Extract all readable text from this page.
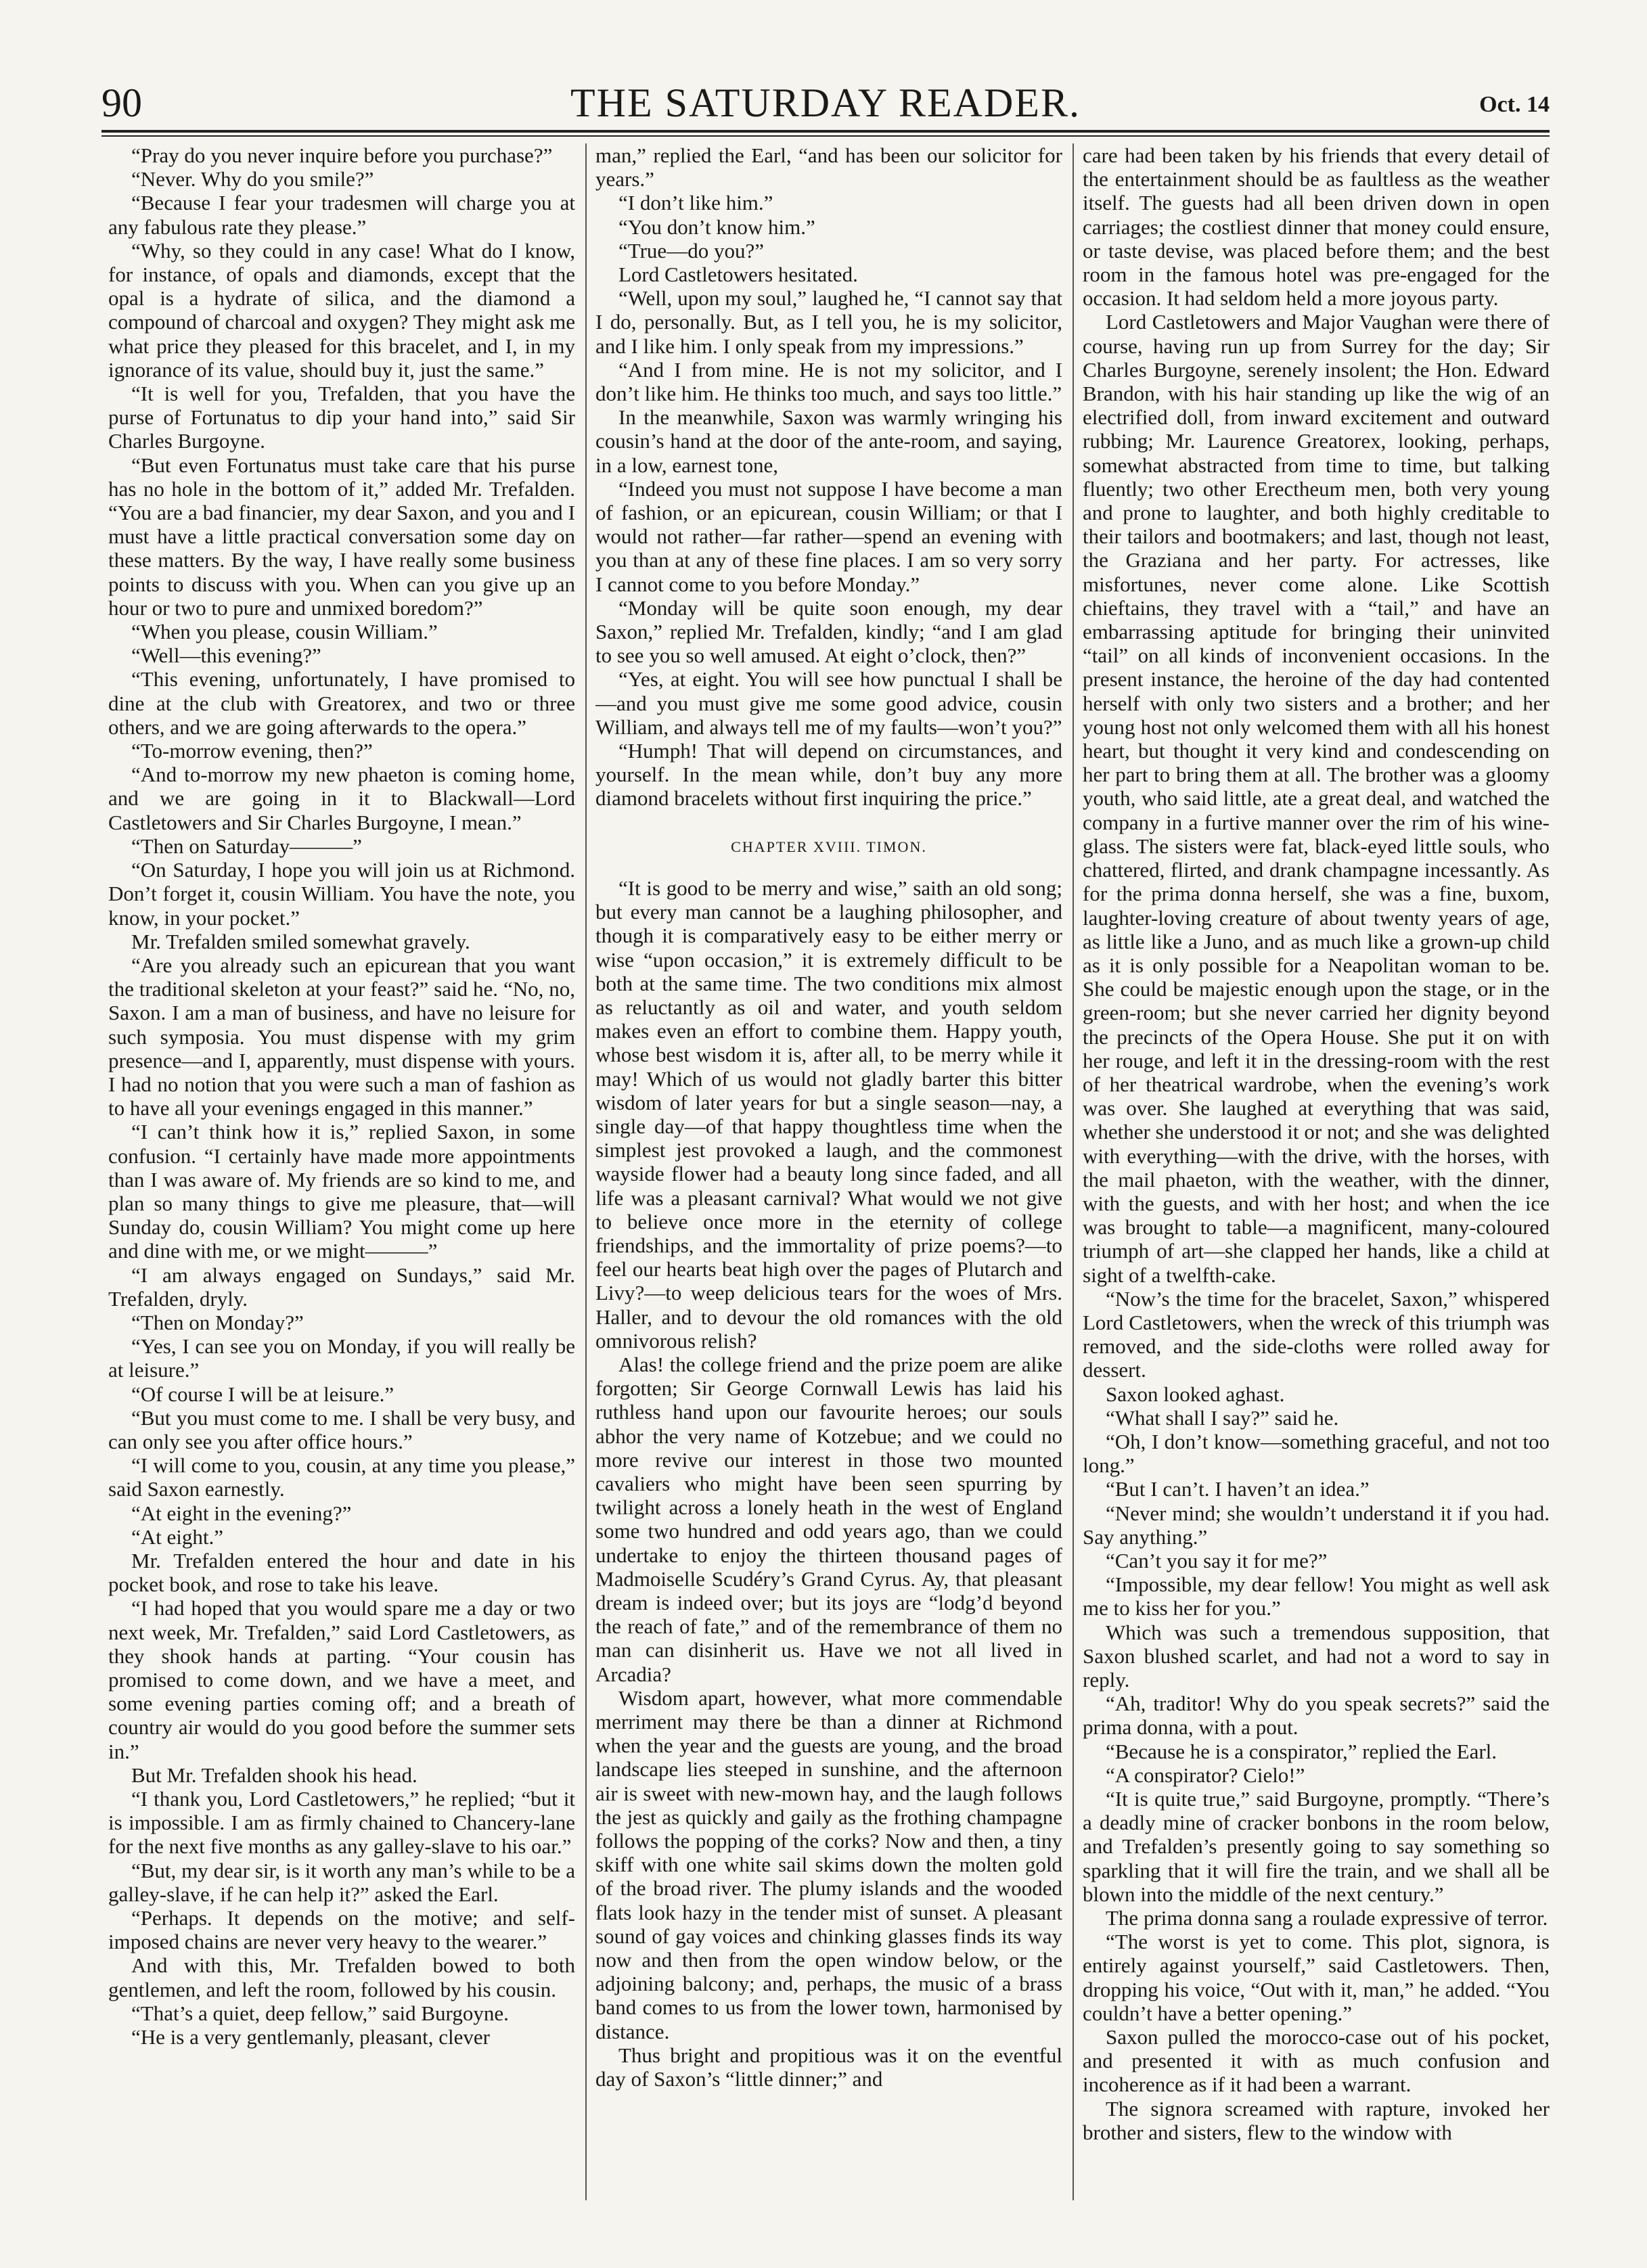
90	THE SATURDAY READER.	Oct. 14

“Pray do you never inquire before you purchase?”

“Never. Why do you smile?”

“Because I fear your tradesmen will charge you at any fabulous rate they please.”

“Why, so they could in any case! What do I know, for instance, of opals and diamonds, except that the opal is a hydrate of silica, and the diamond a compound of charcoal and oxygen? They might ask me what price they pleased for this bracelet, and I, in my ignorance of its value, should buy it, just the same.”

“It is well for you, Trefalden, that you have the purse of Fortunatus to dip your hand into,” said Sir Charles Burgoyne.

“But even Fortunatus must take care that his purse has no hole in the bottom of it,” added Mr. Trefalden. “You are a bad financier, my dear Saxon, and you and I must have a little practical conversation some day on these matters. By the way, I have really some business points to discuss with you. When can you give up an hour or two to pure and unmixed boredom?”

“When you please, cousin William.”

“Well—this evening?”

“This evening, unfortunately, I have promised to dine at the club with Greatorex, and two or three others, and we are going afterwards to the opera.”

“To-morrow evening, then?”

“And to-morrow my new phaeton is coming home, and we are going in it to Blackwall—Lord Castletowers and Sir Charles Burgoyne, I mean.”

“Then on Saturday———”

“On Saturday, I hope you will join us at Richmond. Don’t forget it, cousin William. You have the note, you know, in your pocket.”

Mr. Trefalden smiled somewhat gravely.

“Are you already such an epicurean that you want the traditional skeleton at your feast?” said he. “No, no, Saxon. I am a man of business, and have no leisure for such symposia. You must dispense with my grim presence—and I, apparently, must dispense with yours. I had no notion that you were such a man of fashion as to have all your evenings engaged in this manner.”

“I can’t think how it is,” replied Saxon, in some confusion. “I certainly have made more appointments than I was aware of. My friends are so kind to me, and plan so many things to give me pleasure, that—will Sunday do, cousin William? You might come up here and dine with me, or we might———”

“I am always engaged on Sundays,” said Mr. Trefalden, dryly.

“Then on Monday?”

“Yes, I can see you on Monday, if you will really be at leisure.”

“Of course I will be at leisure.”

“But you must come to me. I shall be very busy, and can only see you after office hours.”

“I will come to you, cousin, at any time you please,” said Saxon earnestly.

“At eight in the evening?”

“At eight.”

Mr. Trefalden entered the hour and date in his pocket book, and rose to take his leave.

“I had hoped that you would spare me a day or two next week, Mr. Trefalden,” said Lord Castletowers, as they shook hands at parting. “Your cousin has promised to come down, and we have a meet, and some evening parties coming off; and a breath of country air would do you good before the summer sets in.”

But Mr. Trefalden shook his head.

“I thank you, Lord Castletowers,” he replied; “but it is impossible. I am as firmly chained to Chancery-lane for the next five months as any galley-slave to his oar.”

“But, my dear sir, is it worth any man’s while to be a galley-slave, if he can help it?” asked the Earl.

“Perhaps. It depends on the motive; and self-imposed chains are never very heavy to the wearer.”

And with this, Mr. Trefalden bowed to both gentlemen, and left the room, followed by his cousin.

“That’s a quiet, deep fellow,” said Burgoyne.

“He is a very gentlemanly, pleasant, clever

man,” replied the Earl, “and has been our solicitor for years.”

“I don’t like him.”

“You don’t know him.”

“True—do you?”

Lord Castletowers hesitated.

“Well, upon my soul,” laughed he, “I cannot say that I do, personally. But, as I tell you, he is my solicitor, and I like him. I only speak from my impressions.”

“And I from mine. He is not my solicitor, and I don’t like him. He thinks too much, and says too little.”

In the meanwhile, Saxon was warmly wringing his cousin’s hand at the door of the ante-room, and saying, in a low, earnest tone,

“Indeed you must not suppose I have become a man of fashion, or an epicurean, cousin William; or that I would not rather—far rather—spend an evening with you than at any of these fine places. I am so very sorry I cannot come to you before Monday.”

“Monday will be quite soon enough, my dear Saxon,” replied Mr. Trefalden, kindly; “and I am glad to see you so well amused. At eight o’clock, then?”

“Yes, at eight. You will see how punctual I shall be—and you must give me some good advice, cousin William, and always tell me of my faults—won’t you?”

“Humph! That will depend on circumstances, and yourself. In the mean while, don’t buy any more diamond bracelets without first inquiring the price.”

CHAPTER XVIII. TIMON.

“It is good to be merry and wise,” saith an old song; but every man cannot be a laughing philosopher, and though it is comparatively easy to be either merry or wise “upon occasion,” it is extremely difficult to be both at the same time. The two conditions mix almost as reluctantly as oil and water, and youth seldom makes even an effort to combine them. Happy youth, whose best wisdom it is, after all, to be merry while it may! Which of us would not gladly barter this bitter wisdom of later years for but a single season—nay, a single day—of that happy thoughtless time when the simplest jest provoked a laugh, and the commonest wayside flower had a beauty long since faded, and all life was a pleasant carnival? What would we not give to believe once more in the eternity of college friendships, and the immortality of prize poems?—to feel our hearts beat high over the pages of Plutarch and Livy?—to weep delicious tears for the woes of Mrs. Haller, and to devour the old romances with the old omnivorous relish?

Alas! the college friend and the prize poem are alike forgotten; Sir George Cornwall Lewis has laid his ruthless hand upon our favourite heroes; our souls abhor the very name of Kotzebue; and we could no more revive our interest in those two mounted cavaliers who might have been seen spurring by twilight across a lonely heath in the west of England some two hundred and odd years ago, than we could undertake to enjoy the thirteen thousand pages of Madmoiselle Scudéry’s Grand Cyrus. Ay, that pleasant dream is indeed over; but its joys are “lodg’d beyond the reach of fate,” and of the remembrance of them no man can disinherit us. Have we not all lived in Arcadia?

Wisdom apart, however, what more commendable merriment may there be than a dinner at Richmond when the year and the guests are young, and the broad landscape lies steeped in sunshine, and the afternoon air is sweet with new-mown hay, and the laugh follows the jest as quickly and gaily as the frothing champagne follows the popping of the corks? Now and then, a tiny skiff with one white sail skims down the molten gold of the broad river. The plumy islands and the wooded flats look hazy in the tender mist of sunset. A pleasant sound of gay voices and chinking glasses finds its way now and then from the open window below, or the adjoining balcony; and, perhaps, the music of a brass band comes to us from the lower town, harmonised by distance.

Thus bright and propitious was it on the eventful day of Saxon’s “little dinner;” and

care had been taken by his friends that every detail of the entertainment should be as faultless as the weather itself. The guests had all been driven down in open carriages; the costliest dinner that money could ensure, or taste devise, was placed before them; and the best room in the famous hotel was pre-engaged for the occasion. It had seldom held a more joyous party.

Lord Castletowers and Major Vaughan were there of course, having run up from Surrey for the day; Sir Charles Burgoyne, serenely insolent; the Hon. Edward Brandon, with his hair standing up like the wig of an electrified doll, from inward excitement and outward rubbing; Mr. Laurence Greatorex, looking, perhaps, somewhat abstracted from time to time, but talking fluently; two other Erectheum men, both very young and prone to laughter, and both highly creditable to their tailors and bootmakers; and last, though not least, the Graziana and her party. For actresses, like misfortunes, never come alone. Like Scottish chieftains, they travel with a “tail,” and have an embarrassing aptitude for bringing their uninvited “tail” on all kinds of inconvenient occasions. In the present instance, the heroine of the day had contented herself with only two sisters and a brother; and her young host not only welcomed them with all his honest heart, but thought it very kind and condescending on her part to bring them at all. The brother was a gloomy youth, who said little, ate a great deal, and watched the company in a furtive manner over the rim of his wine-glass. The sisters were fat, black-eyed little souls, who chattered, flirted, and drank champagne incessantly. As for the prima donna herself, she was a fine, buxom, laughter-loving creature of about twenty years of age, as little like a Juno, and as much like a grown-up child as it is only possible for a Neapolitan woman to be. She could be majestic enough upon the stage, or in the green-room; but she never carried her dignity beyond the precincts of the Opera House. She put it on with her rouge, and left it in the dressing-room with the rest of her theatrical wardrobe, when the evening’s work was over. She laughed at everything that was said, whether she understood it or not; and she was delighted with everything—with the drive, with the horses, with the mail phaeton, with the weather, with the dinner, with the guests, and with her host; and when the ice was brought to table—a magnificent, many-coloured triumph of art—she clapped her hands, like a child at sight of a twelfth-cake.

“Now’s the time for the bracelet, Saxon,” whispered Lord Castletowers, when the wreck of this triumph was removed, and the side-cloths were rolled away for dessert.

Saxon looked aghast.

“What shall I say?” said he.

“Oh, I don’t know—something graceful, and not too long.”

“But I can’t. I haven’t an idea.”

“Never mind; she wouldn’t understand it if you had. Say anything.”

“Can’t you say it for me?”

“Impossible, my dear fellow! You might as well ask me to kiss her for you.”

Which was such a tremendous supposition, that Saxon blushed scarlet, and had not a word to say in reply.

“Ah, traditor! Why do you speak secrets?” said the prima donna, with a pout.

“Because he is a conspirator,” replied the Earl.

“A conspirator? Cielo!”

“It is quite true,” said Burgoyne, promptly. “There’s a deadly mine of cracker bonbons in the room below, and Trefalden’s presently going to say something so sparkling that it will fire the train, and we shall all be blown into the middle of the next century.”

The prima donna sang a roulade expressive of terror.

“The worst is yet to come. This plot, signora, is entirely against yourself,” said Castletowers. Then, dropping his voice, “Out with it, man,” he added. “You couldn’t have a better opening.”

Saxon pulled the morocco-case out of his pocket, and presented it with as much confusion and incoherence as if it had been a warrant.

The signora screamed with rapture, invoked her brother and sisters, flew to the window with
